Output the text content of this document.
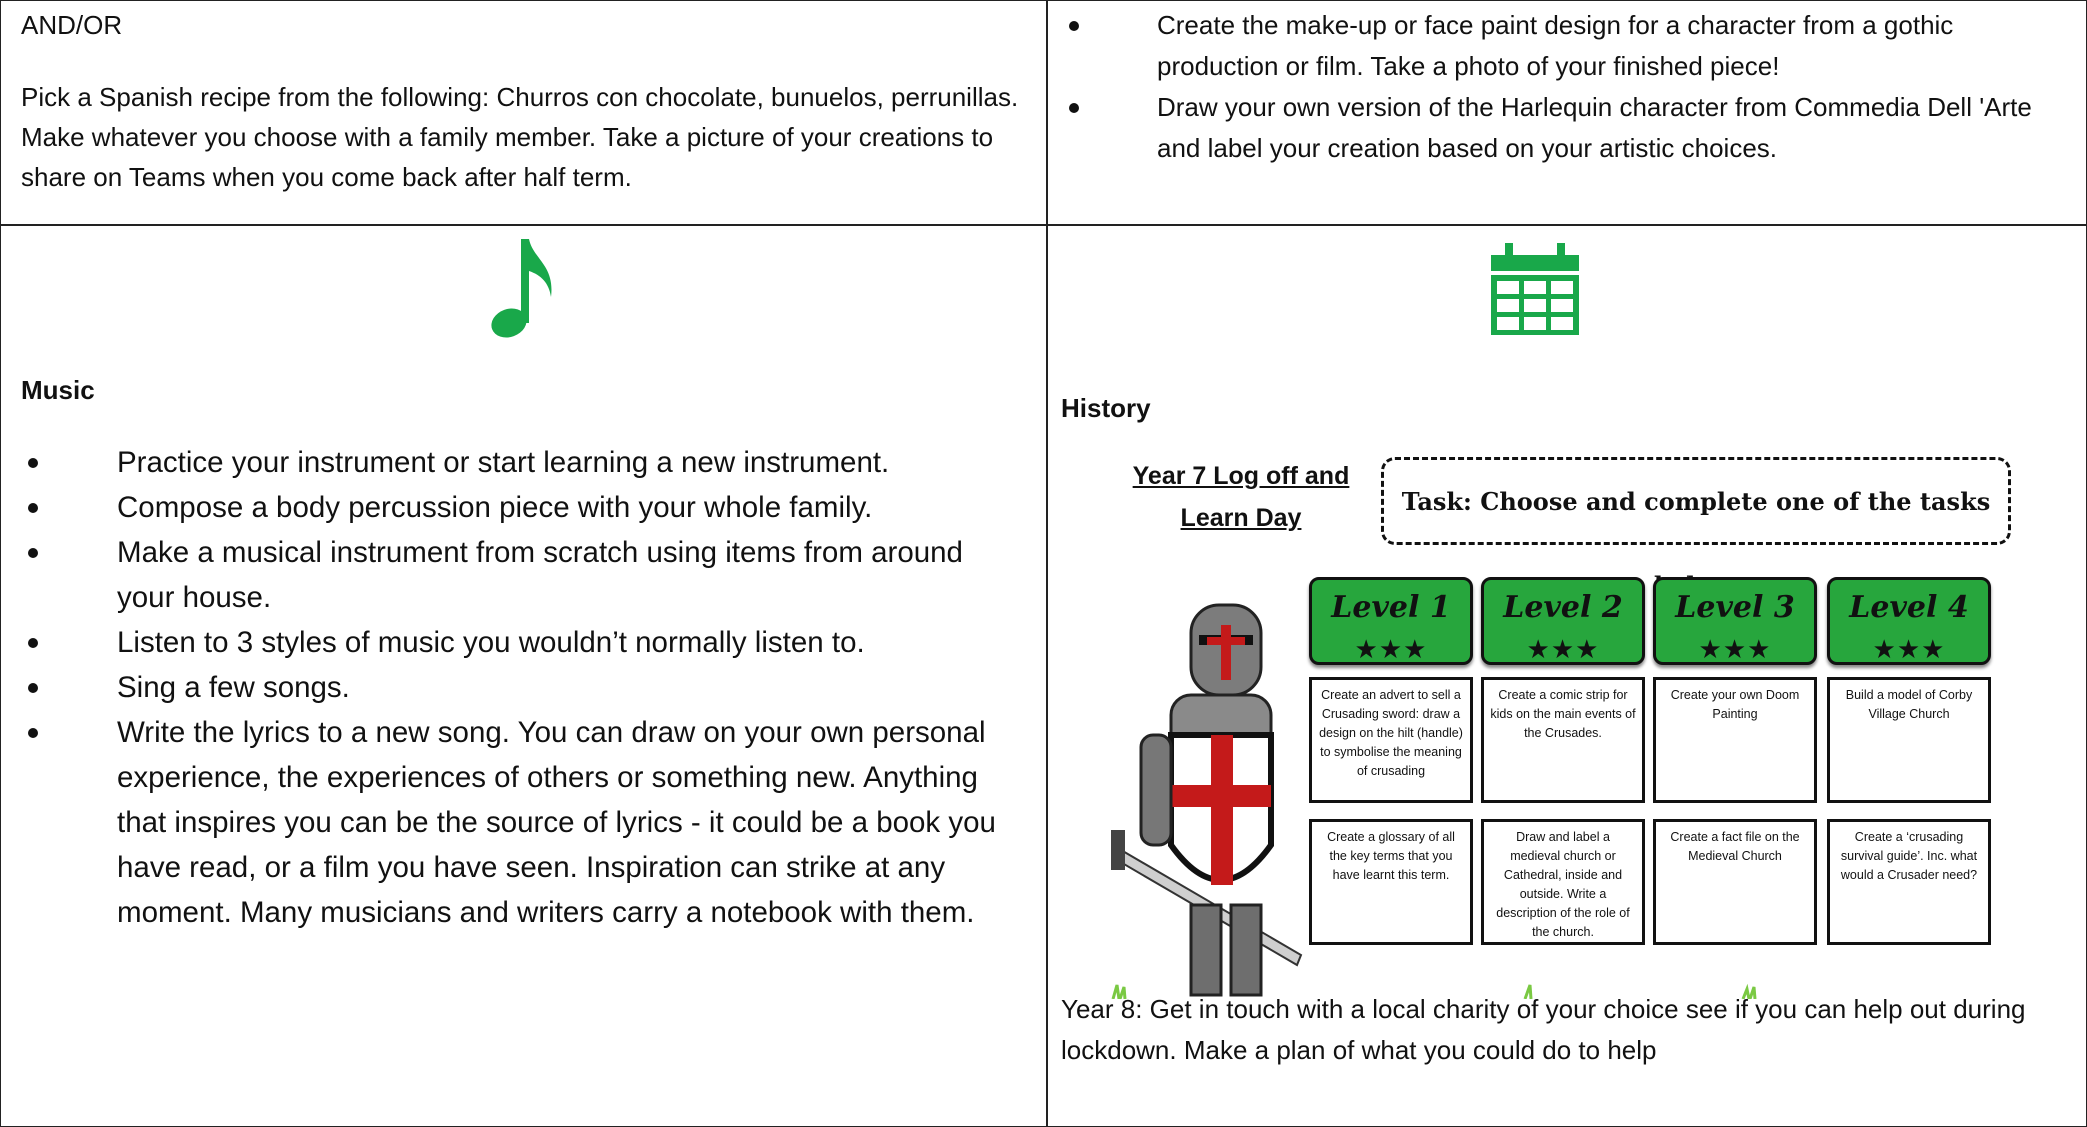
AND/OR

Pick a Spanish recipe from the following: Churros con chocolate, bunuelos, perrunillas. Make whatever you choose with a family member. Take a picture of your creations to share on Teams when you come back after half term.

Create the make-up or face paint design for a character from a gothic production or film. Take a photo of your finished piece!
Draw your own version of the Harlequin character from Commedia Dell 'Arte and label your creation based on your artistic choices.
Music
Practice your instrument or start learning a new instrument.
Compose a body percussion piece with your whole family.
Make a musical instrument from scratch using items from around your house.
Listen to 3 styles of music you wouldn’t normally listen to.
Sing a few songs.
Write the lyrics to a new song. You can draw on your own personal experience, the experiences of others or something new. Anything that inspires you can be the source of lyrics - it could be a book you have read, or a film you have seen. Inspiration can strike at any moment. Many musicians and writers carry a notebook with them.
History
Year 7 Log off and
Learn Day
Task: Choose and complete one of the tasks
Level 1
★★★
Level 2
★★★
Level 3
★★★
Level 4
★★★
Create an advert to sell a Crusading sword: draw a design on the hilt (handle) to symbolise the meaning of crusading
Create a comic strip for kids on the main events of the Crusades.
Create your own Doom Painting
Build a model of Corby Village Church
Create a glossary of all the key terms that you have learnt this term.
Draw and label a medieval church or Cathedral, inside and outside. Write a description of the role of the church.
Create a fact file on the Medieval Church
Create a ‘crusading survival guide’. Inc. what would a Crusader need?

Year 8: Get in touch with a local charity of your choice see if you can help out during lockdown. Make a plan of what you could do to help
